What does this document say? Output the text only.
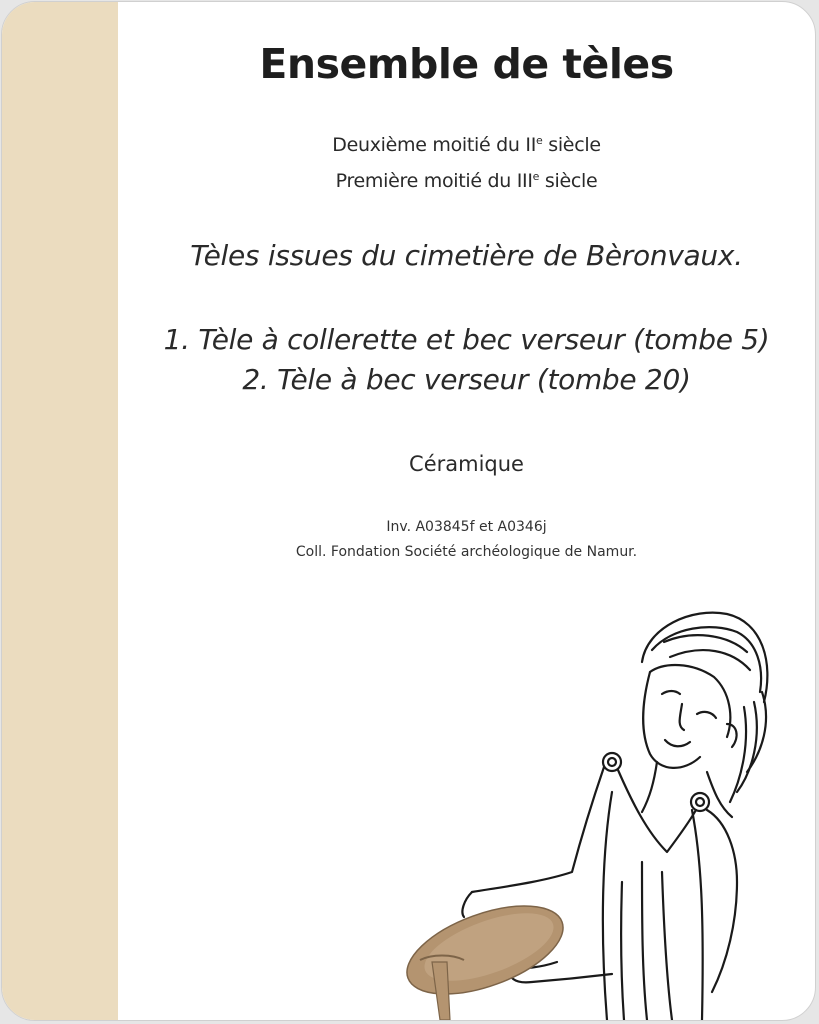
Ensemble de tèles
Deuxième moitié du IIe siècle
Première moitié du IIIe siècle
Tèles issues du cimetière de Bèronvaux.
1. Tèle à collerette et bec verseur (tombe 5)
2. Tèle à bec verseur (tombe 20)
Céramique
Inv. A03845f et A0346j
Coll. Fondation Société archéologique de Namur.
